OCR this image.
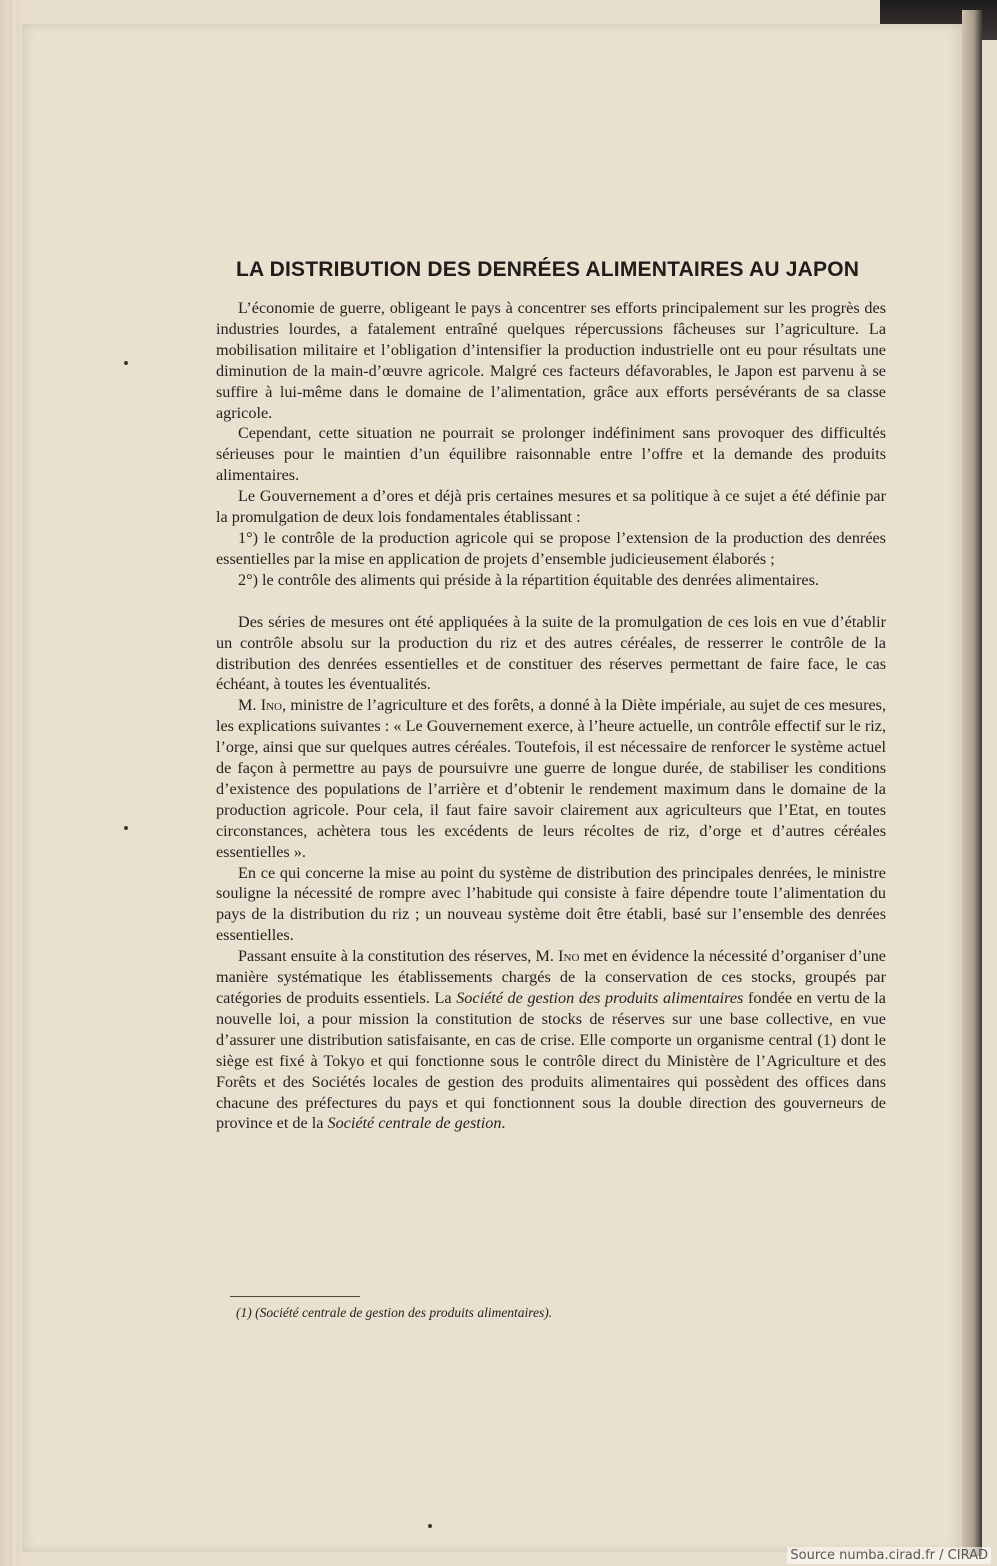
LA DISTRIBUTION DES DENRÉES ALIMENTAIRES AU JAPON

L’économie de guerre, obligeant le pays à concentrer ses efforts principalement sur les progrès des industries lourdes, a fatalement entraîné quelques répercussions fâcheuses sur l’agriculture. La mobilisation militaire et l’obligation d’intensifier la production industrielle ont eu pour résultats une diminution de la main-d’œuvre agricole. Malgré ces facteurs défavorables, le Japon est parvenu à se suffire à lui-même dans le domaine de l’alimentation, grâce aux efforts persévérants de sa classe agricole.

Cependant, cette situation ne pourrait se prolonger indéfiniment sans provoquer des difficultés sérieuses pour le maintien d’un équilibre raisonnable entre l’offre et la demande des produits alimentaires.

Le Gouvernement a d’ores et déjà pris certaines mesures et sa politique à ce sujet a été définie par la promulgation de deux lois fondamentales établissant :

1°) le contrôle de la production agricole qui se propose l’extension de la production des denrées essentielles par la mise en application de projets d’ensemble judicieusement élaborés ;

2°) le contrôle des aliments qui préside à la répartition équitable des denrées alimentaires.

Des séries de mesures ont été appliquées à la suite de la promulgation de ces lois en vue d’établir un contrôle absolu sur la production du riz et des autres céréales, de resserrer le contrôle de la distribution des denrées essentielles et de constituer des réserves permettant de faire face, le cas échéant, à toutes les éventualités.

M. Ino, ministre de l’agriculture et des forêts, a donné à la Diète impériale, au sujet de ces mesures, les explications suivantes : « Le Gouvernement exerce, à l’heure actuelle, un contrôle effectif sur le riz, l’orge, ainsi que sur quelques autres céréales. Toutefois, il est nécessaire de renforcer le système actuel de façon à permettre au pays de poursuivre une guerre de longue durée, de stabiliser les conditions d’existence des populations de l’arrière et d’obtenir le rendement maximum dans le domaine de la production agricole. Pour cela, il faut faire savoir clairement aux agriculteurs que l’Etat, en toutes circonstances, achètera tous les excédents de leurs récoltes de riz, d’orge et d’autres céréales essentielles ».

En ce qui concerne la mise au point du système de distribution des principales denrées, le ministre souligne la nécessité de rompre avec l’habitude qui consiste à faire dépendre toute l’alimentation du pays de la distribution du riz ; un nouveau système doit être établi, basé sur l’ensemble des denrées essentielles.

Passant ensuite à la constitution des réserves, M. Ino met en évidence la nécessité d’organiser d’une manière systématique les établissements chargés de la conservation de ces stocks, groupés par catégories de produits essentiels. La Société de gestion des produits alimentaires fondée en vertu de la nouvelle loi, a pour mission la constitution de stocks de réserves sur une base collective, en vue d’assurer une distribution satisfaisante, en cas de crise. Elle comporte un organisme central (1) dont le siège est fixé à Tokyo et qui fonctionne sous le contrôle direct du Ministère de l’Agriculture et des Forêts et des Sociétés locales de gestion des produits alimentaires qui possèdent des offices dans chacune des préfectures du pays et qui fonctionnent sous la double direction des gouverneurs de province et de la Société centrale de gestion.

(1) (Société centrale de gestion des produits alimentaires).
Source numba.cirad.fr / CIRAD
